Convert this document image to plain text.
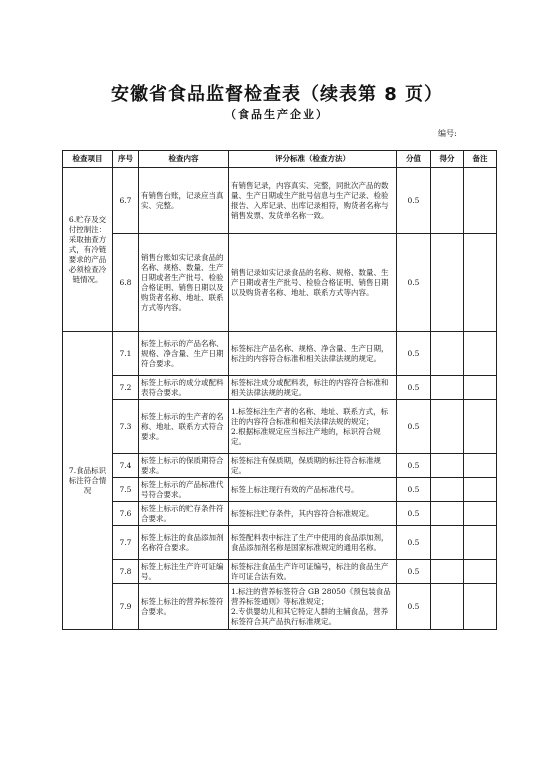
安徽省食品监督检查表（续表第 8 页）
（食品生产企业）
编号:
检查项目	序号	检查内容	评分标准（检查方法）	分值	得分	备注
6.贮存及交付控制注：采取抽查方式，有冷链要求的产品必须检查冷链情况。	6.7	有销售台账，记录应当真实、完整。	有销售记录，内容真实、完整，同批次产品的数量、生产日期或生产批号信息与生产记录、检验报告、入库记录、出库记录相符，购货者名称与销售发票、发货单名称一致。	0.5		
	6.8	销售台账如实记录食品的名称、规格、数量、生产日期或者生产批号、检验合格证明、销售日期以及购货者名称、地址、联系方式等内容。	销售记录如实记录食品的名称、规格、数量、生产日期或者生产批号、检验合格证明、销售日期以及购货者名称、地址、联系方式等内容。	0.5		
7.食品标识标注符合情况	7.1	标签上标示的产品名称、规格、净含量、生产日期符合要求。	标签标注产品名称、规格、净含量、生产日期，标注的内容符合标准和相关法律法规的规定。	0.5		
	7.2	标签上标示的成分或配料表符合要求。	标签标注成分或配料表，标注的内容符合标准和相关法律法规的规定。	0.5		
	7.3	标签上标示的生产者的名称、地址、联系方式符合要求。	1.标签标注生产者的名称、地址、联系方式，标注的内容符合标准和相关法律法规的规定；
2.根据标准规定应当标注产地的，标识符合规定。	0.5		
	7.4	标签上标示的保质期符合要求。	标签标注有保质期，保质期的标注符合标准规定。	0.5		
	7.5	标签上标示的产品标准代号符合要求。	标签上标注现行有效的产品标准代号。	0.5		
	7.6	标签上标示的贮存条件符合要求。	标签标注贮存条件，其内容符合标准规定。	0.5		
	7.7	标签上标注的食品添加剂名称符合要求。	标签配料表中标注了生产中使用的食品添加剂，食品添加剂名称是国家标准规定的通用名称。	0.5		
	7.8	标签上标注生产许可证编号。	标签标注食品生产许可证编号，标注的食品生产许可证合法有效。	0.5		
	7.9	标签上标注的营养标签符合要求。	1.标注的营养标签符合 GB 28050《预包装食品营养标签通则》等标准规定；
2.专供婴幼儿和其它特定人群的主辅食品，营养标签符合其产品执行标准规定。	0.5		
